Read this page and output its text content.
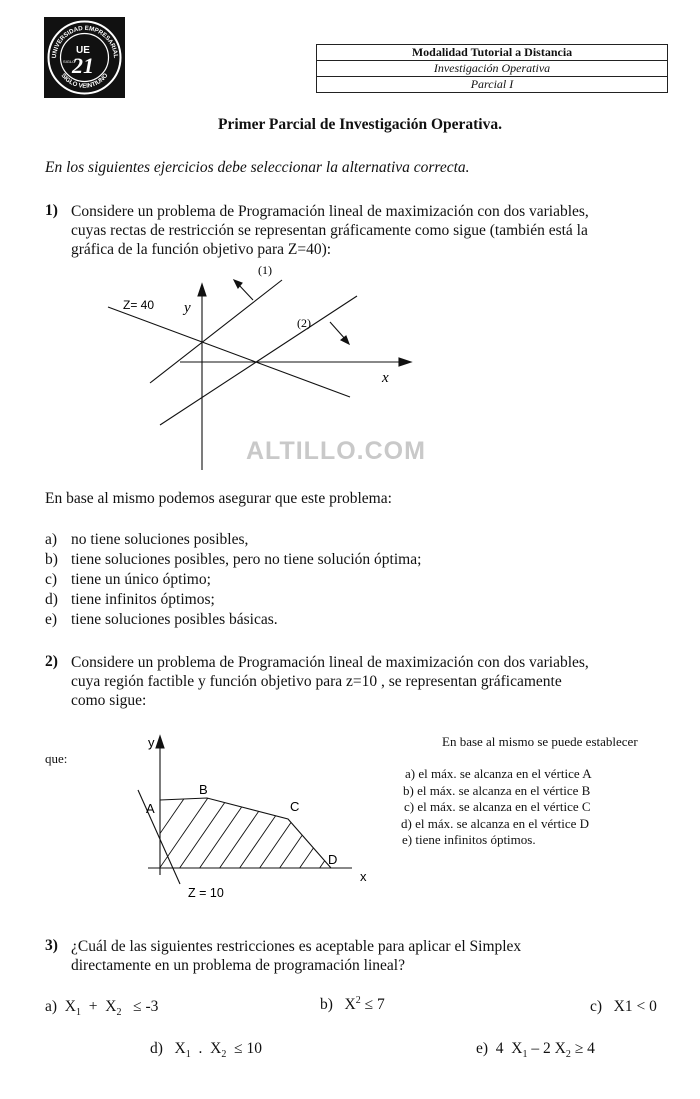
UNIVERSIDAD EMPRESARIAL
SIGLO VEINTIUNO
UE
SIGLO
21
Modalidad Tutorial a Distancia
Investigación Operativa
Parcial I
Primer Parcial de Investigación Operativa.
En los siguientes ejercicios debe seleccionar la alternativa correcta.
1) Considere un problema de Programación lineal de maximización con dos variables,
cuyas rectas de restricción se representan gráficamente como sigue (también está la
gráfica de la función objetivo para Z=40):
Z= 40 y
x
(1)
(2)
ALTILLO.COM
En base al mismo podemos asegurar que este problema:
a) no tiene soluciones posibles,
b) tiene soluciones posibles, pero no tiene solución óptima;
c) tiene un único óptimo;
d) tiene infinitos óptimos;
e) tiene soluciones posibles básicas.
2) Considere un problema de Programación lineal de maximización con dos variables,
cuya región factible y función objetivo para z=10 , se representan gráficamente
como sigue:
En base al mismo se puede establecer
que:
y
x
A
B
C
D
Z = 10
a) el máx. se alcanza en el vértice A
b) el máx. se alcanza en el vértice B
c) el máx. se alcanza en el vértice C
d) el máx. se alcanza en el vértice D
e) tiene infinitos óptimos.
3) ¿Cuál de las siguientes restricciones es aceptable para aplicar el Simplex
directamente en un problema de programación lineal?
a) $X_1 + X_2 \le -3$	b) $X^2 \le 7$	c) X1 < 0
d) $X_1$ . $X_2 \le 10$	e) 4 $X_1 - 2$ $X_2 \ge 4$
